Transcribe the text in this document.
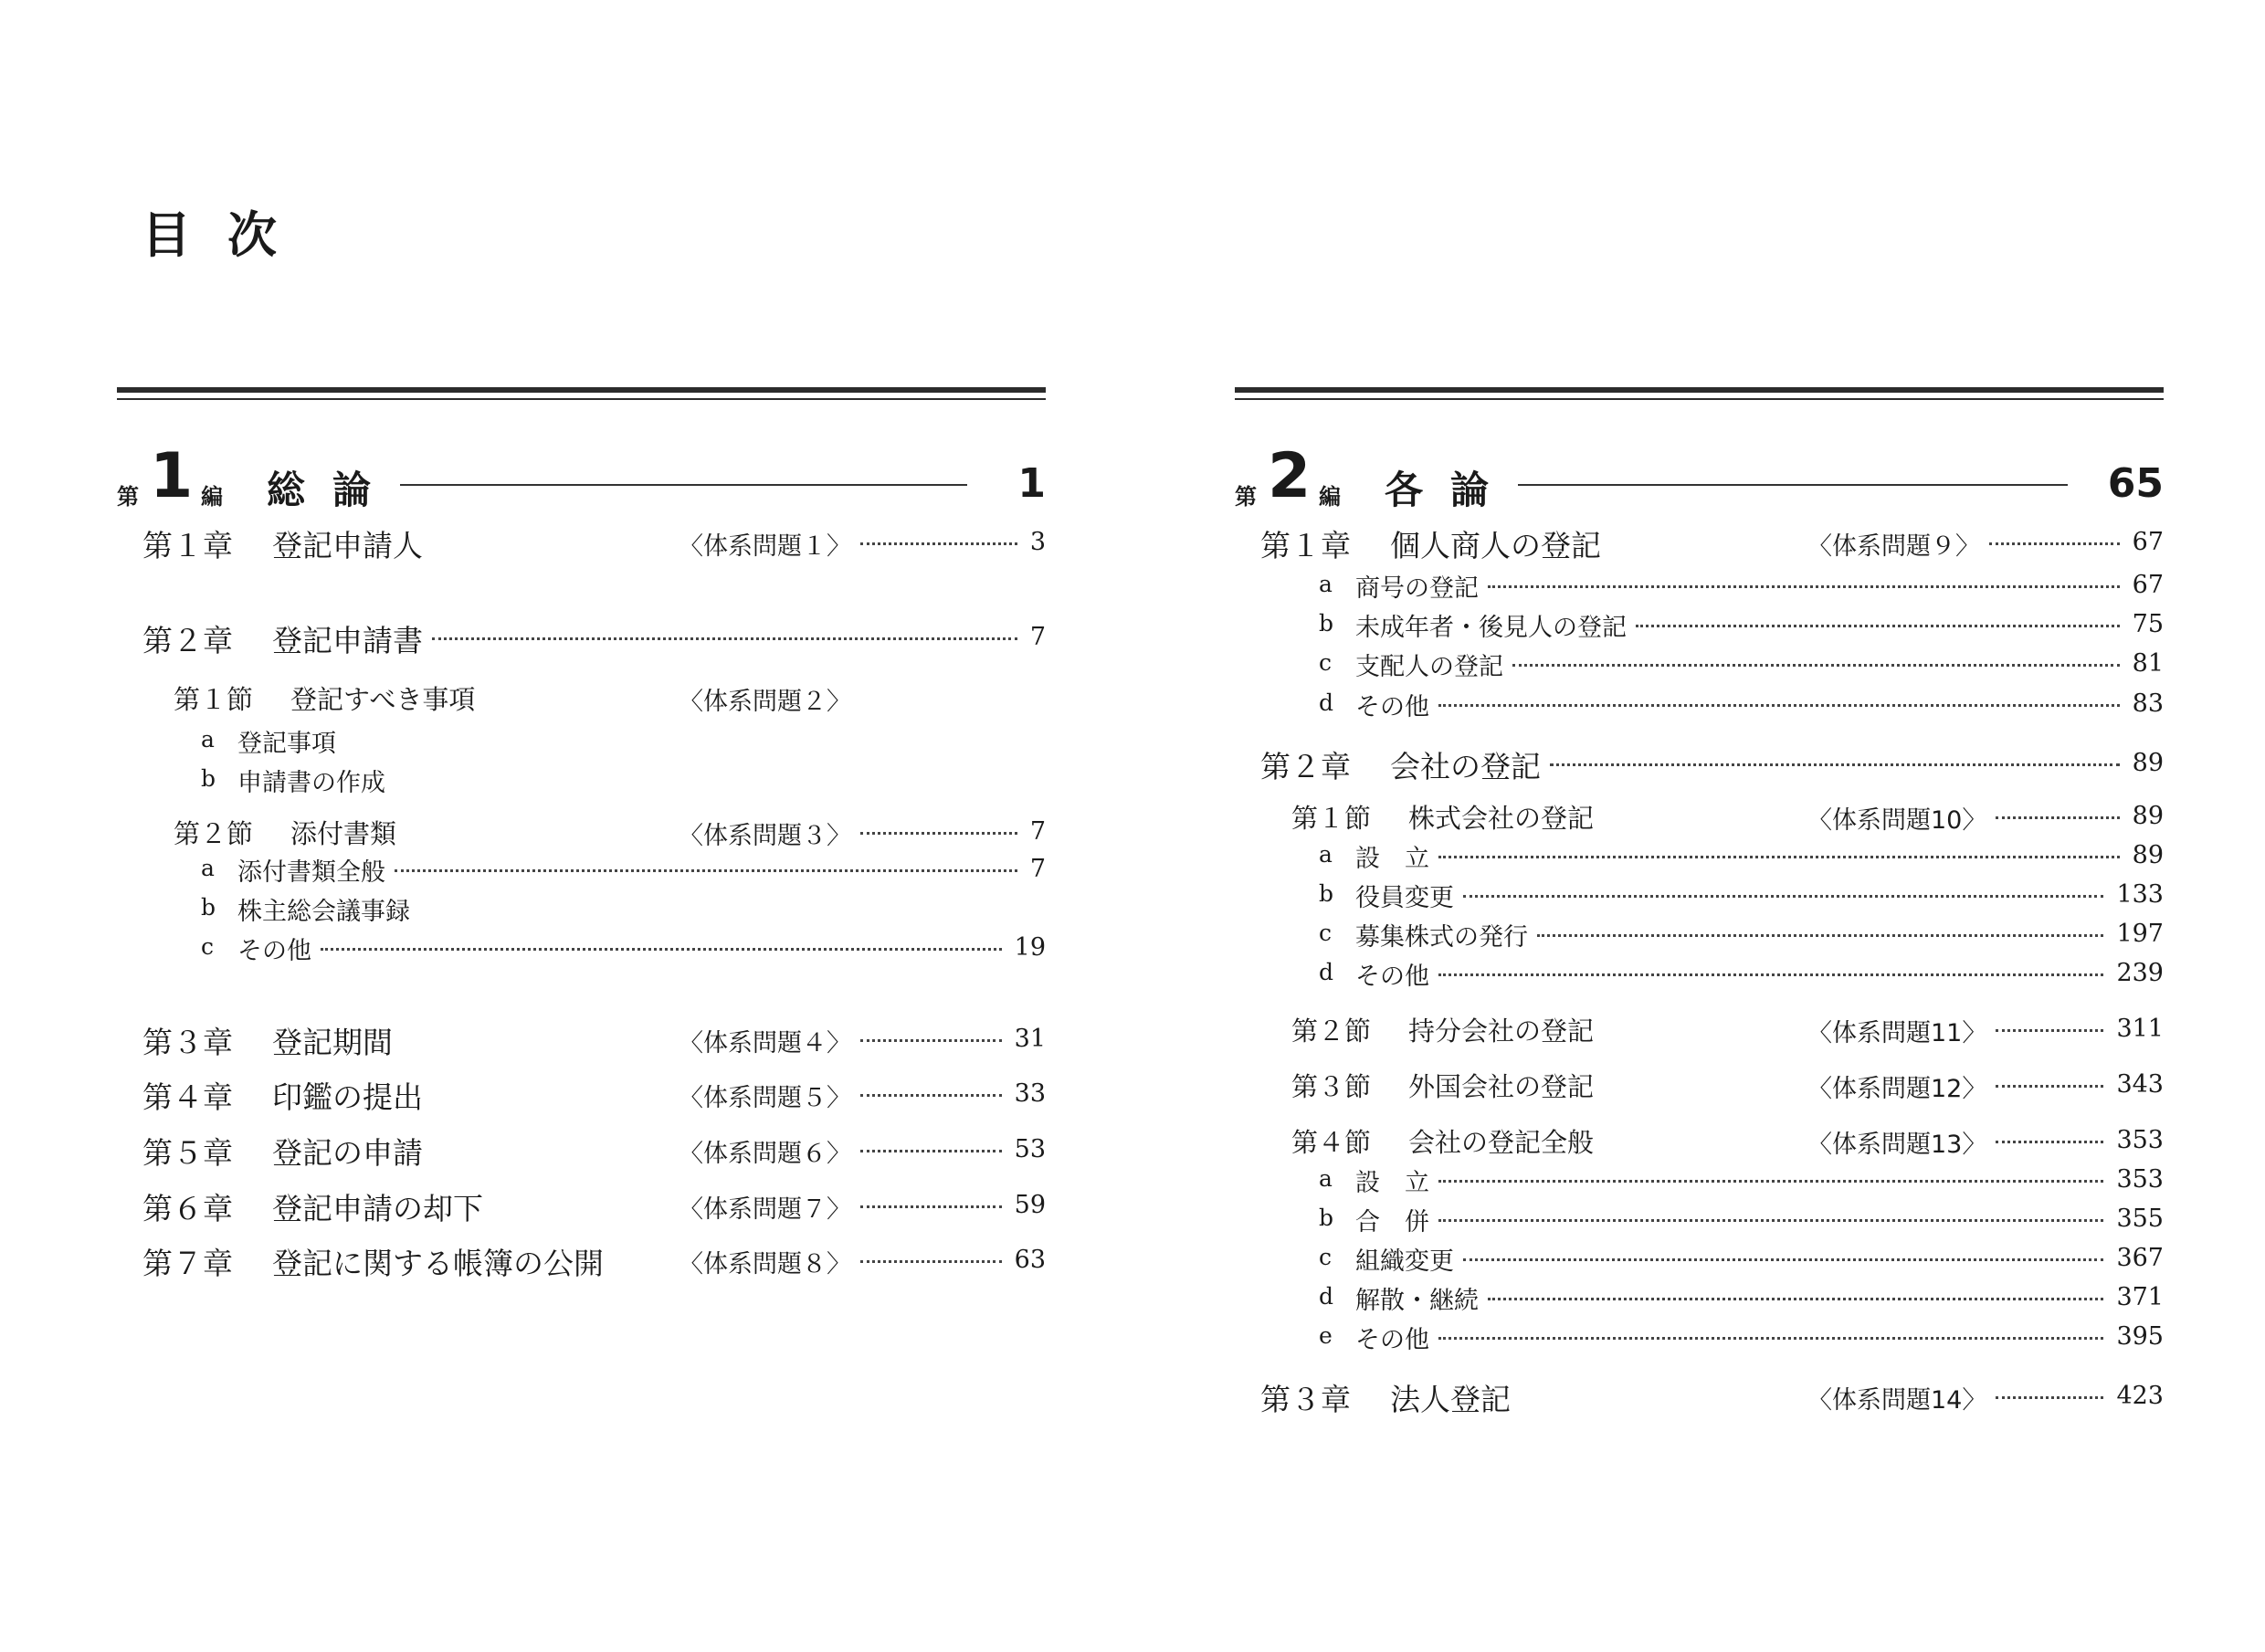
目次
第 1 編 総論	1
第１章 登記申請人	〈体系問題１〉	3
第２章 登記申請書	7
第１節 登記すべき事項	〈体系問題２〉
a 登記事項
b 申請書の作成
第２節 添付書類	〈体系問題３〉	7
a 添付書類全般	7
b 株主総会議事録
c その他	19
第３章 登記期間	〈体系問題４〉	31
第４章 印鑑の提出	〈体系問題５〉	33
第５章 登記の申請	〈体系問題６〉	53
第６章 登記申請の却下	〈体系問題７〉	59
第７章 登記に関する帳簿の公開	〈体系問題８〉	63
第 2 編 各論	65
第１章 個人商人の登記	〈体系問題９〉	67
a 商号の登記	67
b 未成年者・後見人の登記	75
c 支配人の登記	81
d その他	83
第２章 会社の登記	89
第１節 株式会社の登記	〈体系問題10〉	89
a 設　立	89
b 役員変更	133
c 募集株式の発行	197
d その他	239
第２節 持分会社の登記	〈体系問題11〉	311
第３節 外国会社の登記	〈体系問題12〉	343
第４節 会社の登記全般	〈体系問題13〉	353
a 設　立	353
b 合　併	355
c 組織変更	367
d 解散・継続	371
e その他	395
第３章 法人登記	〈体系問題14〉	423
